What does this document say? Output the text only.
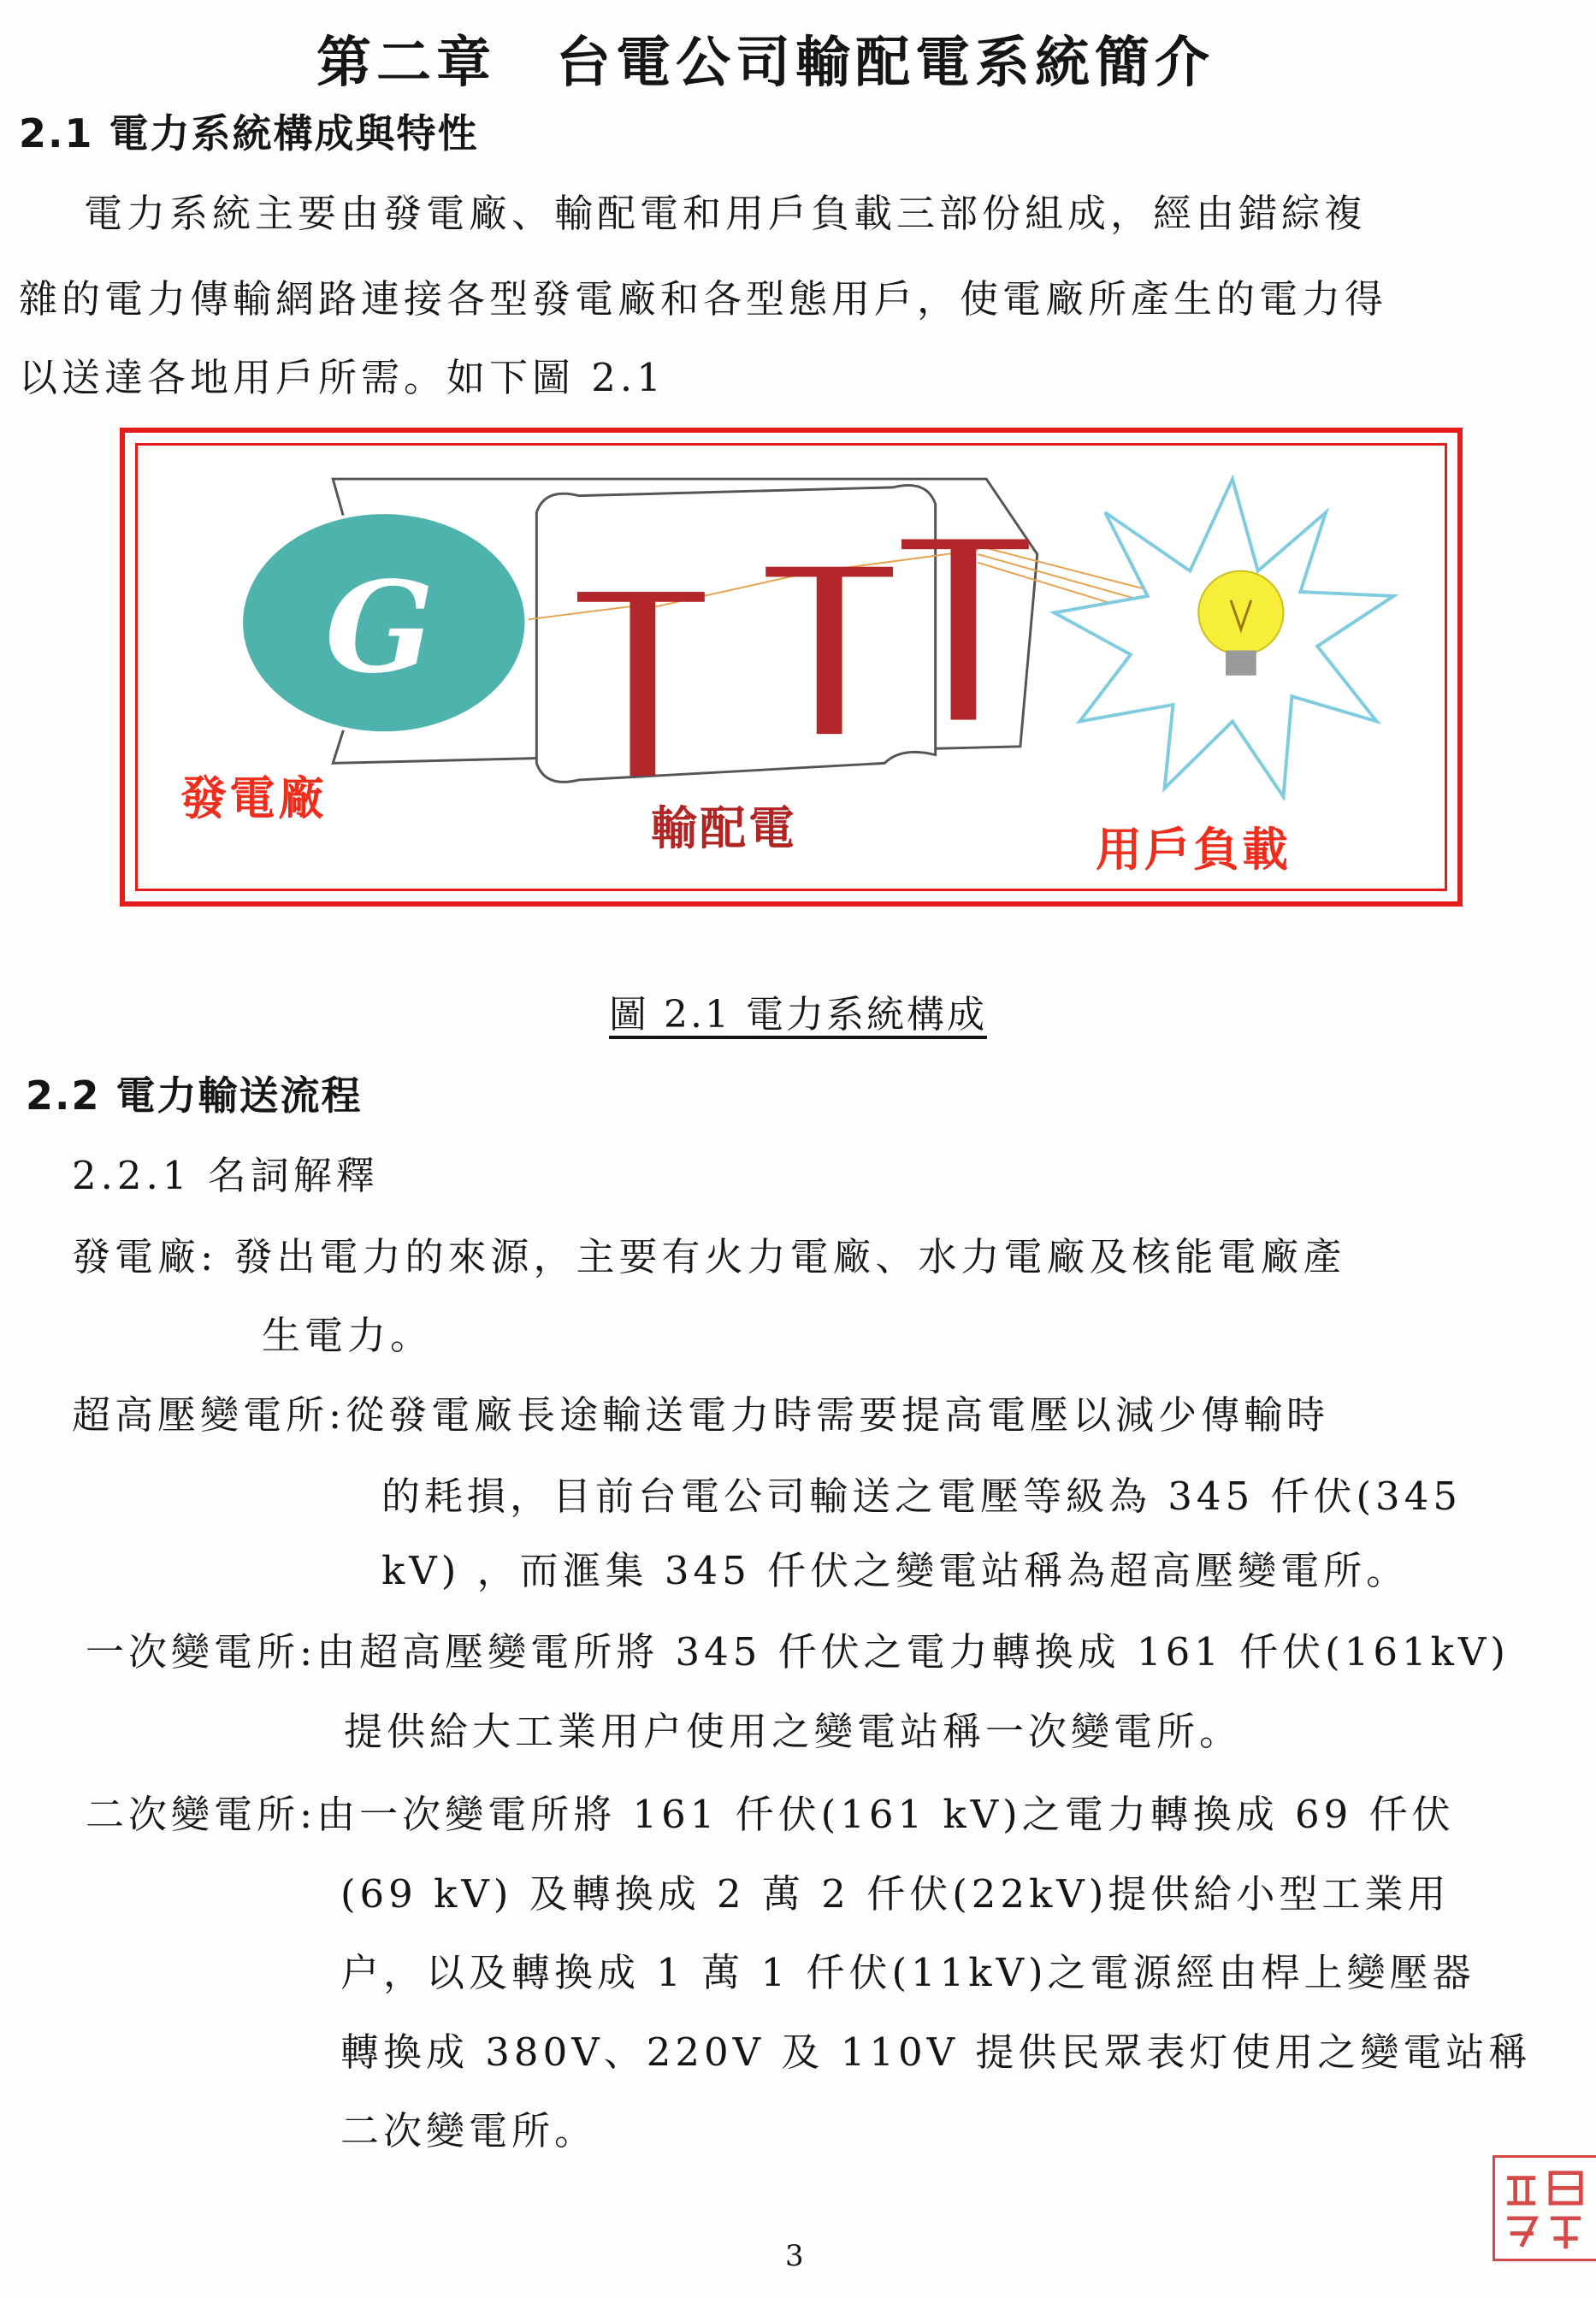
第二章　台電公司輸配電系統簡介
2.1 電力系統構成與特性
電力系統主要由發電廠、輸配電和用戶負載三部份組成，經由錯綜複
雜的電力傳輸網路連接各型發電廠和各型態用戶，使電廠所產生的電力得
以送達各地用戶所需。如下圖 2.1
G
發電廠
輸配電	用戶負載
圖 2.1 電力系統構成
2.2 電力輸送流程
2.2.1 名詞解釋
發電廠: 發出電力的來源，主要有火力電廠、水力電廠及核能電廠產
生電力。
超高壓變電所:從發電廠長途輸送電力時需要提高電壓以減少傳輸時
的耗損，目前台電公司輸送之電壓等級為 345 仟伏(345
kV) ，而滙集 345 仟伏之變電站稱為超高壓變電所。
一次變電所:由超高壓變電所將 345 仟伏之電力轉換成 161 仟伏(161kV)
提供給大工業用户使用之變電站稱一次變電所。
二次變電所:由一次變電所將 161 仟伏(161 kV)之電力轉換成 69 仟伏
(69 kV) 及轉換成 2 萬 2 仟伏(22kV)提供給小型工業用
户，以及轉換成 1 萬 1 仟伏(11kV)之電源經由桿上變壓器
轉換成 380V、220V 及 110V 提供民眾表灯使用之變電站稱
二次變電所。
3
